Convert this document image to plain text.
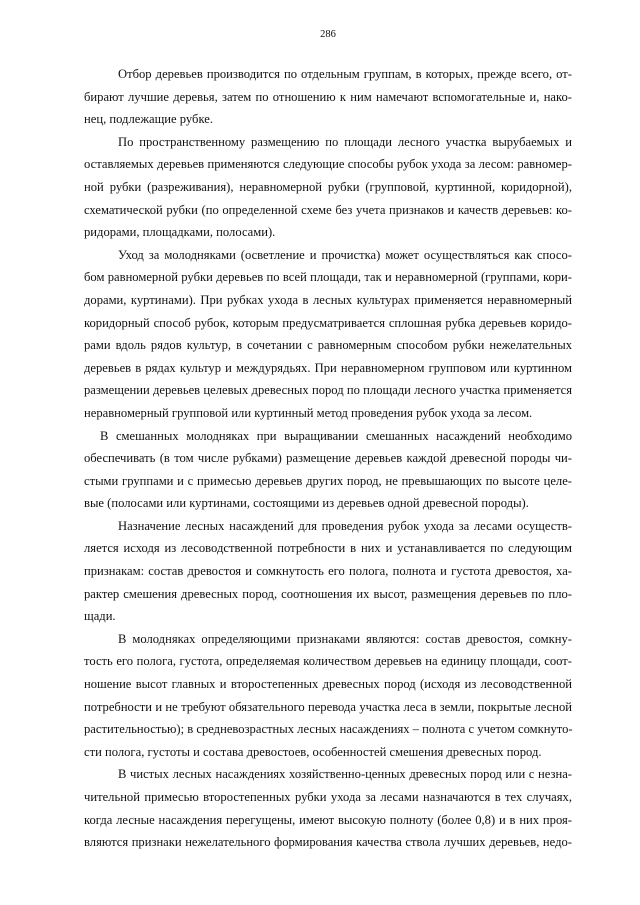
286
Отбор деревьев производится по отдельным группам, в которых, прежде всего, от-
бирают лучшие деревья, затем по отношению к ним намечают вспомогательные и, нако-
нец, подлежащие рубке.
По пространственному размещению по площади лесного участка вырубаемых и
оставляемых деревьев применяются следующие способы рубок ухода за лесом: равномер-
ной рубки (разреживания), неравномерной рубки (групповой, куртинной, коридорной),
схематической рубки (по определенной схеме без учета признаков и качеств деревьев: ко-
ридорами, площадками, полосами).
Уход за молодняками (осветление и прочистка) может осуществляться как спосо-
бом равномерной рубки деревьев по всей площади, так и неравномерной (группами, кори-
дорами, куртинами). При рубках ухода в лесных культурах применяется неравномерный
коридорный способ рубок, которым предусматривается сплошная рубка деревьев коридо-
рами вдоль рядов культур, в сочетании с равномерным способом рубки нежелательных
деревьев в рядах культур и междурядьях. При неравномерном групповом или куртинном
размещении деревьев целевых древесных пород по площади лесного участка применяется
неравномерный групповой или куртинный метод проведения рубок ухода за лесом.
В смешанных молодняках при выращивании смешанных насаждений необходимо
обеспечивать (в том числе рубками) размещение деревьев каждой древесной породы чи-
стыми группами и с примесью деревьев других пород, не превышающих по высоте целе-
вые (полосами или куртинами, состоящими из деревьев одной древесной породы).
Назначение лесных насаждений для проведения рубок ухода за лесами осуществ-
ляется исходя из лесоводственной потребности в них и устанавливается по следующим
признакам: состав древостоя и сомкнутость его полога, полнота и густота древостоя, ха-
рактер смешения древесных пород, соотношения их высот, размещения деревьев по пло-
щади.
В молодняках определяющими признаками являются: состав древостоя, сомкну-
тость его полога, густота, определяемая количеством деревьев на единицу площади, соот-
ношение высот главных и второстепенных древесных пород (исходя из лесоводственной
потребности и не требуют обязательного перевода участка леса в земли, покрытые лесной
растительностью); в средневозрастных лесных насаждениях – полнота с учетом сомкнуто-
сти полога, густоты и состава древостоев, особенностей смешения древесных пород.
В чистых лесных насаждениях хозяйственно-ценных древесных пород или с незна-
чительной примесью второстепенных рубки ухода за лесами назначаются в тех случаях,
когда лесные насаждения перегущены, имеют высокую полноту (более 0,8) и в них проя-
вляются признаки нежелательного формирования качества ствола лучших деревьев, недо-
